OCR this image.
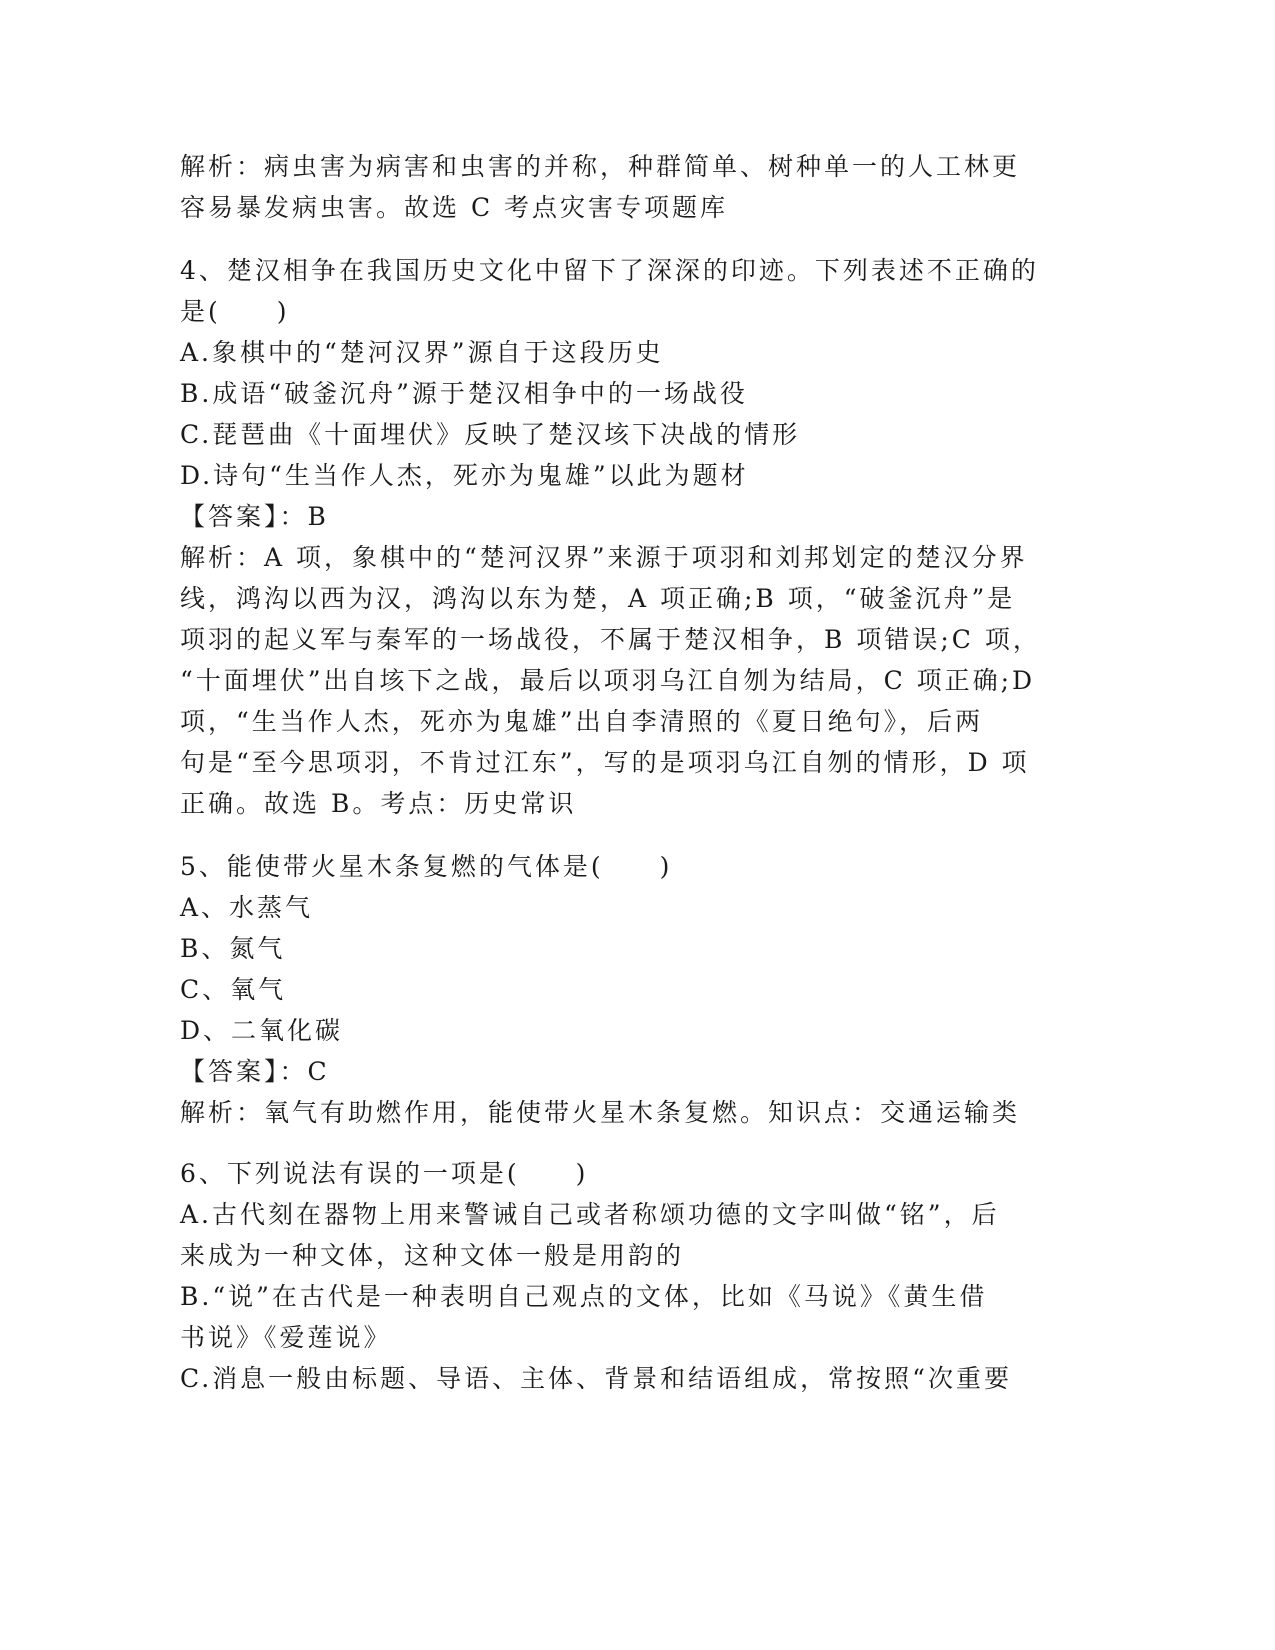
解析：病虫害为病害和虫害的并称，种群简单、树种单一的人工林更
容易暴发病虫害。故选 C 考点灾害专项题库
4、楚汉相争在我国历史文化中留下了深深的印迹。下列表述不正确的
是(　　)
A.象棋中的“楚河汉界”源自于这段历史
B.成语“破釜沉舟”源于楚汉相争中的一场战役
C.琵琶曲《十面埋伏》反映了楚汉垓下决战的情形
D.诗句“生当作人杰，死亦为鬼雄”以此为题材
【答案】：B
解析：A 项，象棋中的“楚河汉界”来源于项羽和刘邦划定的楚汉分界
线，鸿沟以西为汉，鸿沟以东为楚，A 项正确;B 项，“破釜沉舟”是
项羽的起义军与秦军的一场战役，不属于楚汉相争，B 项错误;C 项，
“十面埋伏”出自垓下之战，最后以项羽乌江自刎为结局，C 项正确;D
项，“生当作人杰，死亦为鬼雄”出自李清照的《夏日绝句》，后两
句是“至今思项羽，不肯过江东”，写的是项羽乌江自刎的情形，D 项
正确。故选 B。考点：历史常识
5、能使带火星木条复燃的气体是(　　)
A、水蒸气
B、氮气
C、氧气
D、二氧化碳
【答案】：C
解析：氧气有助燃作用，能使带火星木条复燃。知识点：交通运输类
6、下列说法有误的一项是(　　)
A.古代刻在器物上用来警诫自己或者称颂功德的文字叫做“铭”，后
来成为一种文体，这种文体一般是用韵的
B.“说”在古代是一种表明自己观点的文体，比如《马说》《黄生借
书说》《爱莲说》
C.消息一般由标题、导语、主体、背景和结语组成，常按照“次重要
